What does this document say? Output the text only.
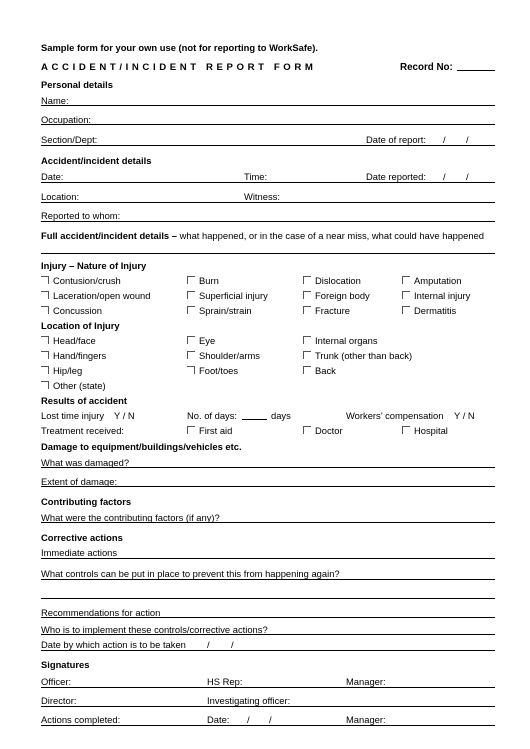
Sample form for your own use (not for reporting to WorkSafe).
ACCIDENT/INCIDENT REPORT FORM	Record No:
Personal details
Name:
Occupation:
Section/Dept:	Date of report: / /
Accident/incident details
Date:	Time:	Date reported: / /
Location:	Witness:
Reported to whom:
Full accident/incident details – what happened, or in the case of a near miss, what could have happened
Injury – Nature of Injury
Contusion/crush	Burn	Dislocation	Amputation
Laceration/open wound	Superficial injury	Foreign body	Internal injury
Concussion	Sprain/strain	Fracture	Dermatitis
Location of Injury
Head/face	Eye	Internal organs
Hand/fingers	Shoulder/arms	Trunk (other than back)
Hip/leg	Foot/toes	Back
Other (state)
Results of accident
Lost time injury Y / N	No. of days:	days	Workers’ compensation Y / N
Treatment received:	First aid	Doctor	Hospital
Damage to equipment/buildings/vehicles etc.
What was damaged?
Extent of damage:
Contributing factors
What were the contributing factors (if any)?
Corrective actions
Immediate actions
What controls can be put in place to prevent this from happening again?
Recommendations for action
Who is to implement these controls/corrective actions?
Date by which action is to be taken / /
Signatures
Officer:	HS Rep:	Manager:
Director:	Investigating officer:
Actions completed:	Date: / /	Manager:
